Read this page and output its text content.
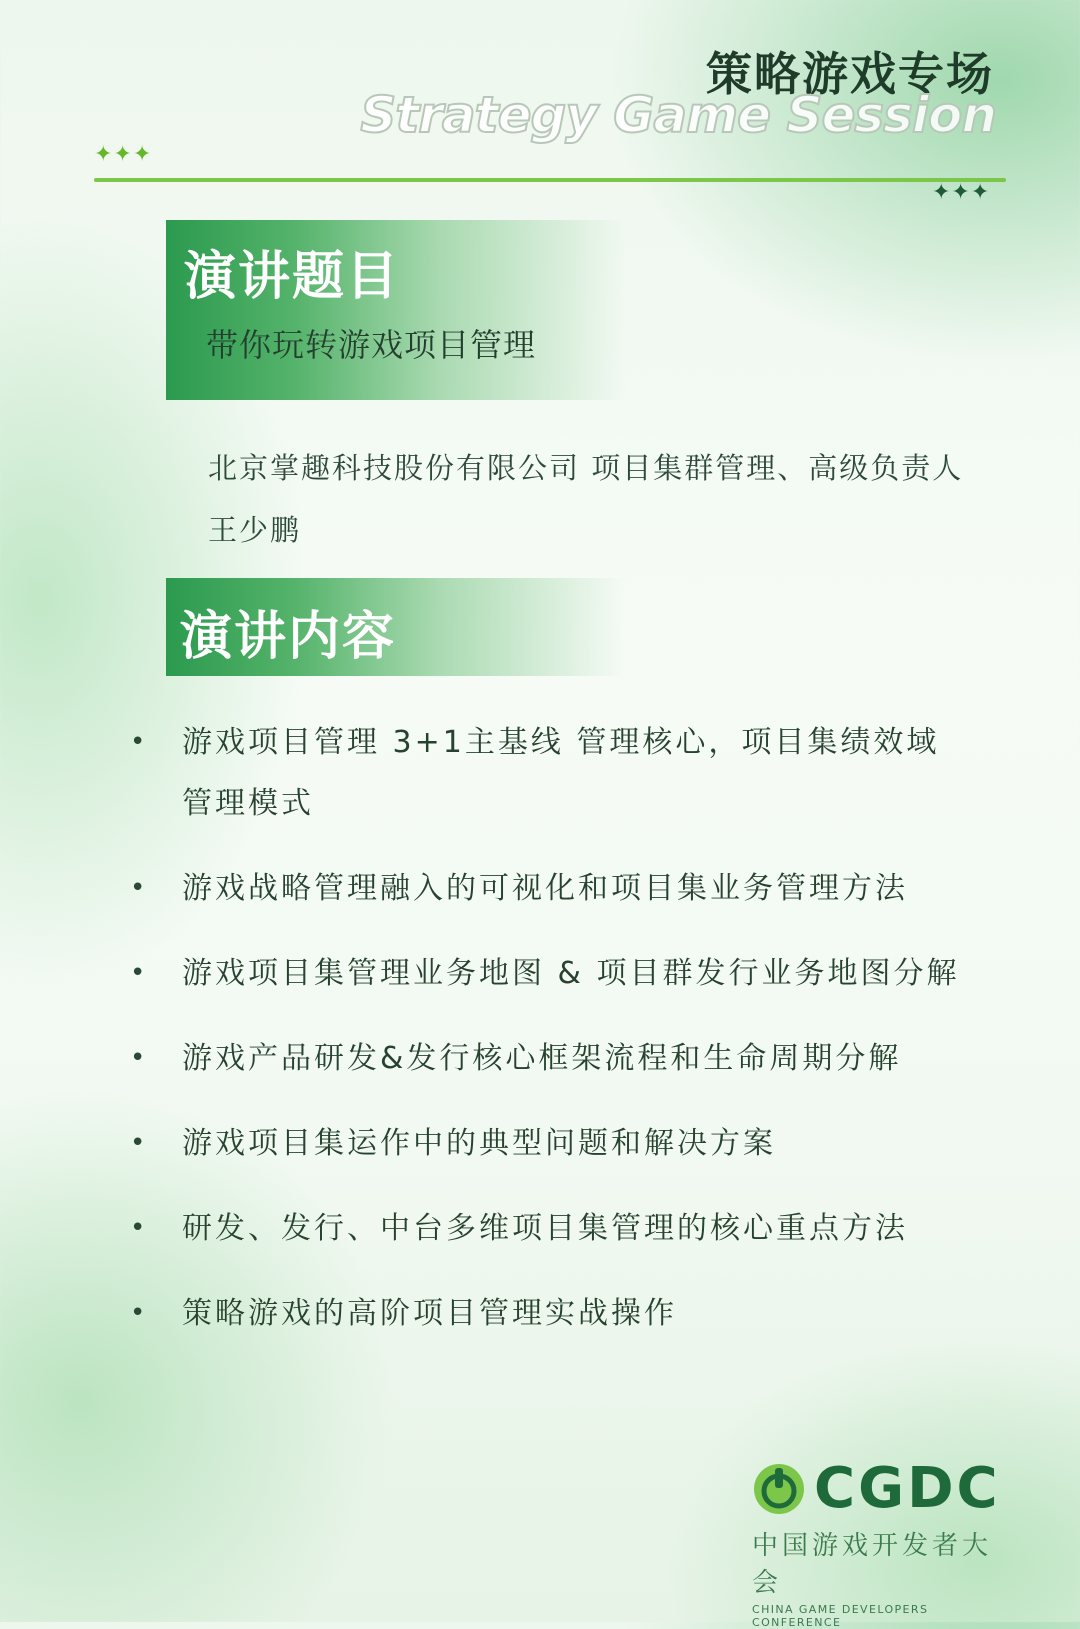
策略游戏专场
Strategy Game Session
✦✦✦
✦✦✦
演讲题目
带你玩转游戏项目管理
北京掌趣科技股份有限公司 项目集群管理、高级负责人
王少鹏
演讲内容
• 游戏项目管理 3+1主基线 管理核心，项目集绩效域管理模式
• 游戏战略管理融入的可视化和项目集业务管理方法
• 游戏项目集管理业务地图 & 项目群发行业务地图分解
• 游戏产品研发&发行核心框架流程和生命周期分解
• 游戏项目集运作中的典型问题和解决方案
• 研发、发行、中台多维项目集管理的核心重点方法
• 策略游戏的高阶项目管理实战操作
CGDC
中国游戏开发者大会
CHINA GAME DEVELOPERS CONFERENCE
